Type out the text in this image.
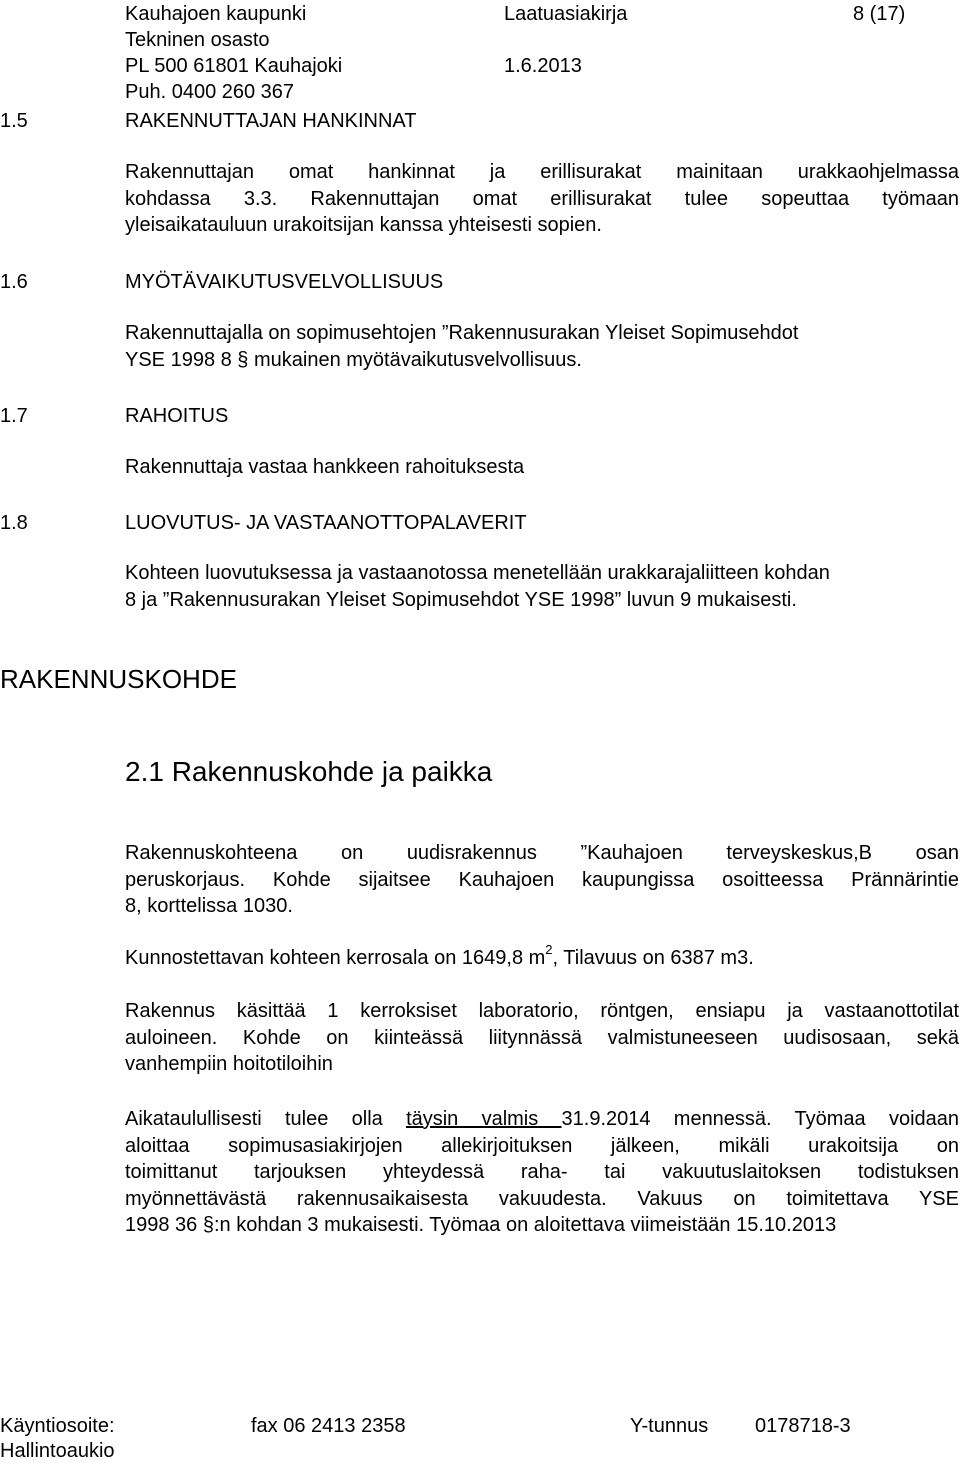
Kauhajoen kaupunki	Laatuasiakirja	8 (17)
Tekninen osasto
PL 500 61801 Kauhajoki	1.6.2013
Puh. 0400 260 367
1.5	RAKENNUTTAJAN HANKINNAT
Rakennuttajan omat hankinnat ja erillisurakat mainitaan urakkaohjelmassa
kohdassa 3.3. Rakennuttajan omat erillisurakat tulee sopeuttaa työmaan
yleisaikatauluun urakoitsijan kanssa yhteisesti sopien.
1.6	MYÖTÄVAIKUTUSVELVOLLISUUS
Rakennuttajalla on sopimusehtojen ”Rakennusurakan Yleiset Sopimusehdot
YSE 1998 8 § mukainen myötävaikutusvelvollisuus.
1.7	RAHOITUS
Rakennuttaja vastaa hankkeen rahoituksesta
1.8	LUOVUTUS- JA VASTAANOTTOPALAVERIT
Kohteen luovutuksessa ja vastaanotossa menetellään urakkarajaliitteen kohdan
8 ja ”Rakennusurakan Yleiset Sopimusehdot YSE 1998” luvun 9 mukaisesti.
RAKENNUSKOHDE
2.1 Rakennuskohde ja paikka
Rakennuskohteena on uudisrakennus ”Kauhajoen terveyskeskus,B osan
peruskorjaus. Kohde sijaitsee Kauhajoen kaupungissa osoitteessa Prännärintie
8, korttelissa 1030.
Kunnostettavan kohteen kerrosala on 1649,8 $m^2$, Tilavuus on 6387 m3.
Rakennus käsittää 1 kerroksiset laboratorio, röntgen, ensiapu ja vastaanottotilat
auloineen. Kohde on kiinteässä liitynnässä valmistuneeseen uudisosaan, sekä
vanhempiin hoitotiloihin
Aikataulullisesti tulee olla täysin valmis 31.9.2014 mennessä. Työmaa voidaan
aloittaa sopimusasiakirjojen allekirjoituksen jälkeen, mikäli urakoitsija on
toimittanut tarjouksen yhteydessä raha- tai vakuutuslaitoksen todistuksen
myönnettävästä rakennusaikaisesta vakuudesta. Vakuus on toimitettava YSE
1998 36 §:n kohdan 3 mukaisesti. Työmaa on aloitettava viimeistään 15.10.2013
Käyntiosoite:	fax 06 2413 2358	Y-tunnus 0178718-3
Hallintoaukio
